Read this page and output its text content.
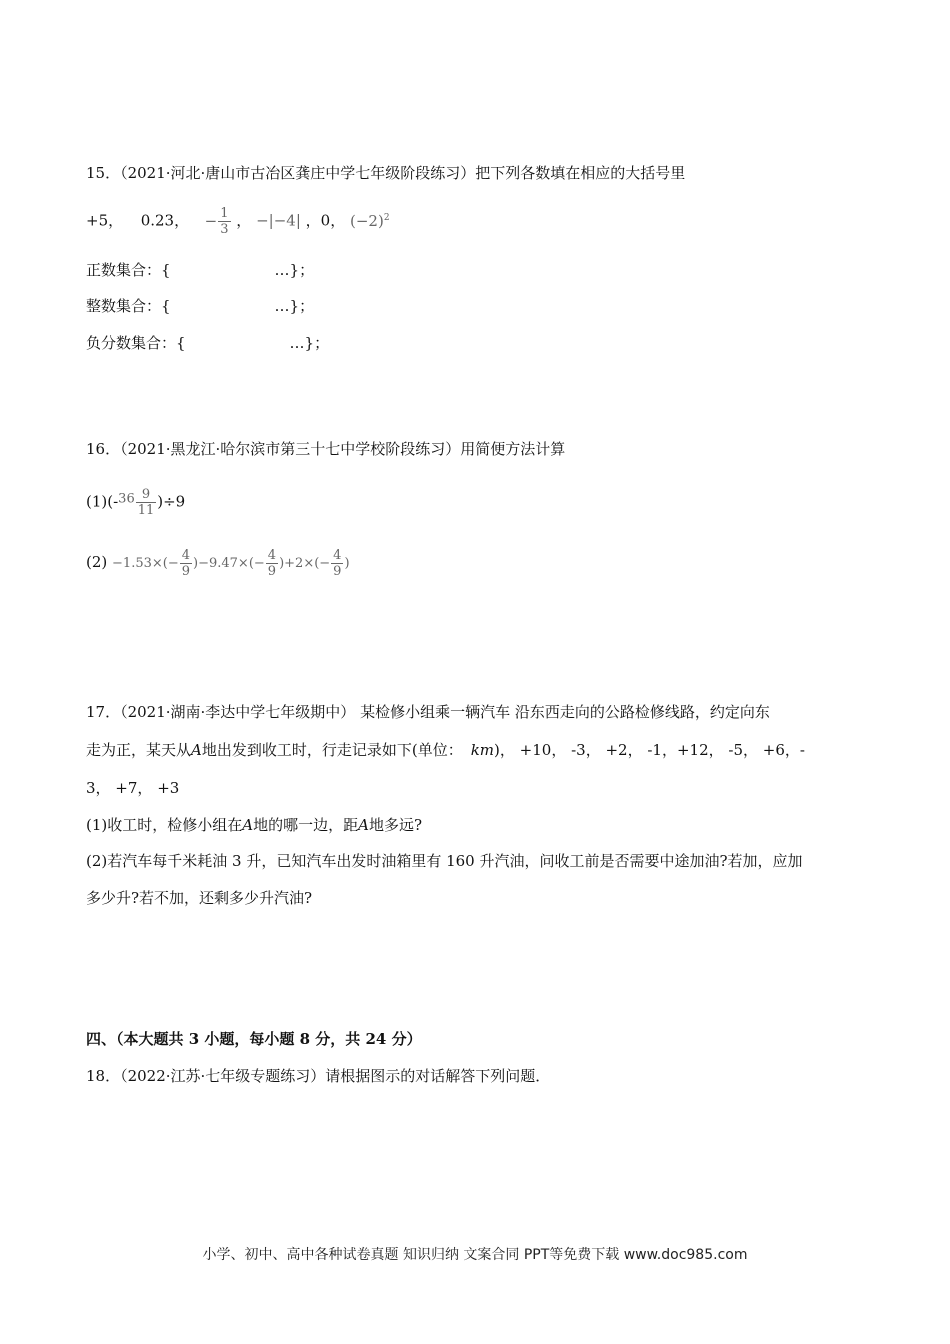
15．（2021·河北·唐山市古冶区龚庄中学七年级阶段练习）把下列各数填在相应的大括号里
+5， 0.23， − $\frac{1}{3}$ ， −|−4| ，0， $(-2)^2$
正数集合：{	…}；
整数集合：{	…}；
负分数集合：{	…}；
16．（2021·黑龙江·哈尔滨市第三十七中学校阶段练习）用简便方法计算
$(1)(-36 \frac{9}{11} )\div 9$
$(2) -1.53\times(- \frac{4}{9} )-9.47\times(- \frac{4}{9} )+2\times(- \frac{4}{9}$ )
17．（2021·湖南·李达中学七年级期中） 某检修小组乘一辆汽车 沿东西走向的公路检修线路，约定向东
走为正，某天从A地出发到收工时，行走记录如下(单位： km)， +10， -3， +2， -1，+12， -5， +6，-
3， +7， +3
(1)收工时，检修小组在A地的哪一边，距A地多远?
(2)若汽车每千米耗油 3 升，已知汽车出发时油箱里有 160 升汽油，问收工前是否需要中途加油?若加，应加
多少升?若不加，还剩多少升汽油?
四、（本大题共 3 小题，每小题 8 分，共 24 分）
18．（2022·江苏·七年级专题练习）请根据图示的对话解答下列问题．
小学、初中、高中各种试卷真题 知识归纳 文案合同 PPT等免费下载 www.doc985.com
